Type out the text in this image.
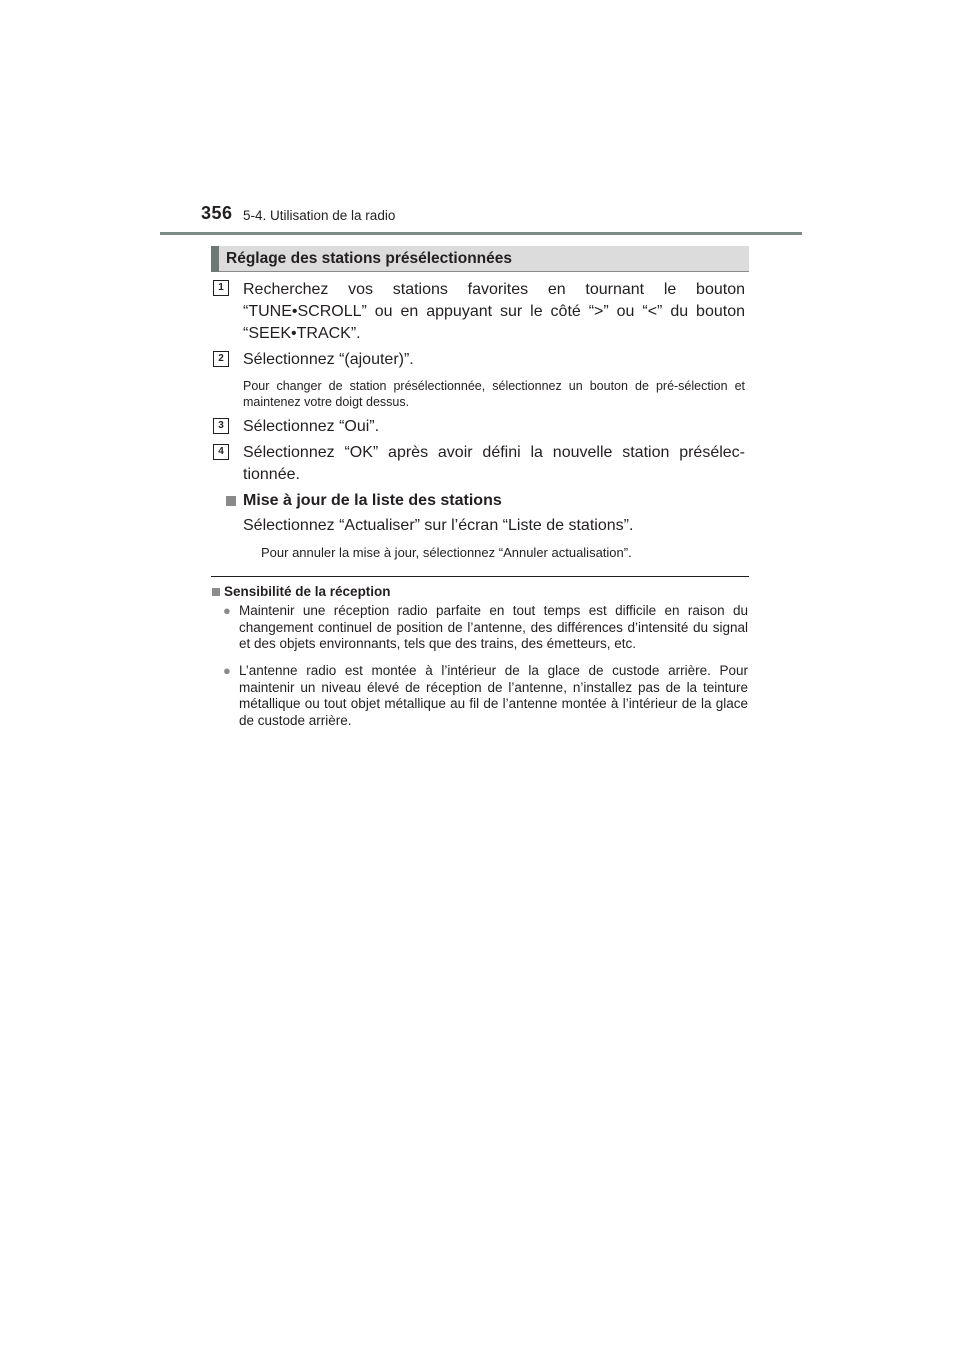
356 5-4. Utilisation de la radio
Réglage des stations présélectionnées
1	Recherchez vos stations favorites en tournant le bouton “TUNE•SCROLL” ou en appuyant sur le côté “>” ou “<” du bouton “SEEK•TRACK”.
2	Sélectionnez “(ajouter)”.
Pour changer de station présélectionnée, sélectionnez un bouton de pré-sélection et maintenez votre doigt dessus.
3	Sélectionnez “Oui”.
4	Sélectionnez “OK” après avoir défini la nouvelle station présélec-tionnée.
Mise à jour de la liste des stations
Sélectionnez “Actualiser” sur l’écran “Liste de stations”.
Pour annuler la mise à jour, sélectionnez “Annuler actualisation”.
Sensibilité de la réception
● Maintenir une réception radio parfaite en tout temps est difficile en raison du changement continuel de position de l’antenne, des différences d’intensité du signal et des objets environnants, tels que des trains, des émetteurs, etc.
● L’antenne radio est montée à l’intérieur de la glace de custode arrière. Pour maintenir un niveau élevé de réception de l’antenne, n’installez pas de la teinture métallique ou tout objet métallique au fil de l’antenne montée à l’intérieur de la glace de custode arrière.
